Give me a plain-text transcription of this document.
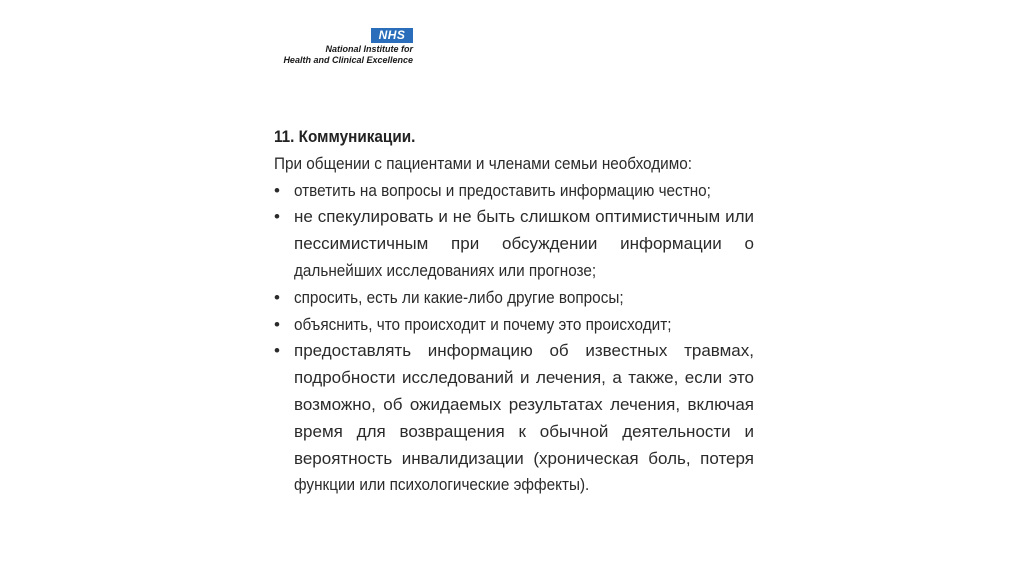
NHS
National Institute for
Health and Clinical Excellence

11. Коммуникации.

При общении с пациентами и членами семьи необходимо:

• ответить на вопросы и предоставить информацию честно;
• не спекулировать и не быть слишком оптимистичным или
пессимистичным при обсуждении информации о
дальнейших исследованиях или прогнозе;
• спросить, есть ли какие-либо другие вопросы;
• объяснить, что происходит и почему это происходит;
• предоставлять информацию об известных травмах,
подробности исследований и лечения, а также, если это
возможно, об ожидаемых результатах лечения, включая
время для возвращения к обычной деятельности и
вероятность инвалидизации (хроническая боль, потеря
функции или психологические эффекты).
